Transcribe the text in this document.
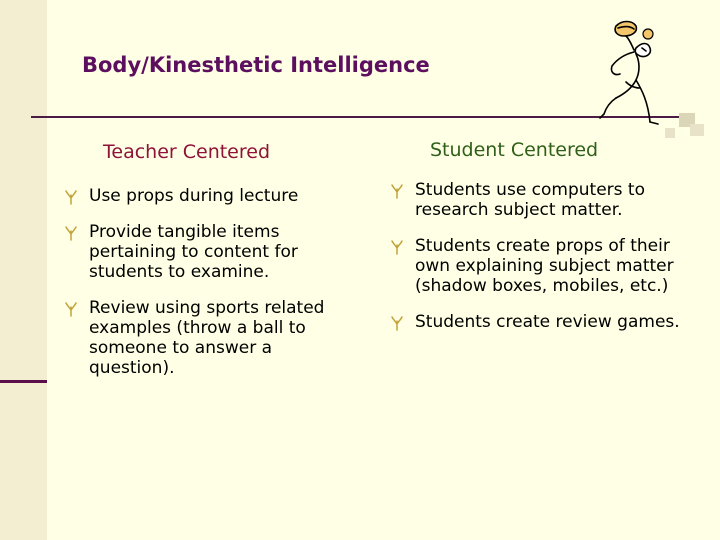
Body/Kinesthetic Intelligence
Teacher Centered	Student Centered
Use props during lecture
Provide tangible items pertaining to content for students to examine.
Review using sports related examples (throw a ball to someone to answer a question).
Students use computers to research subject matter.
Students create props of their own explaining subject matter (shadow boxes, mobiles, etc.)
Students create review games.
